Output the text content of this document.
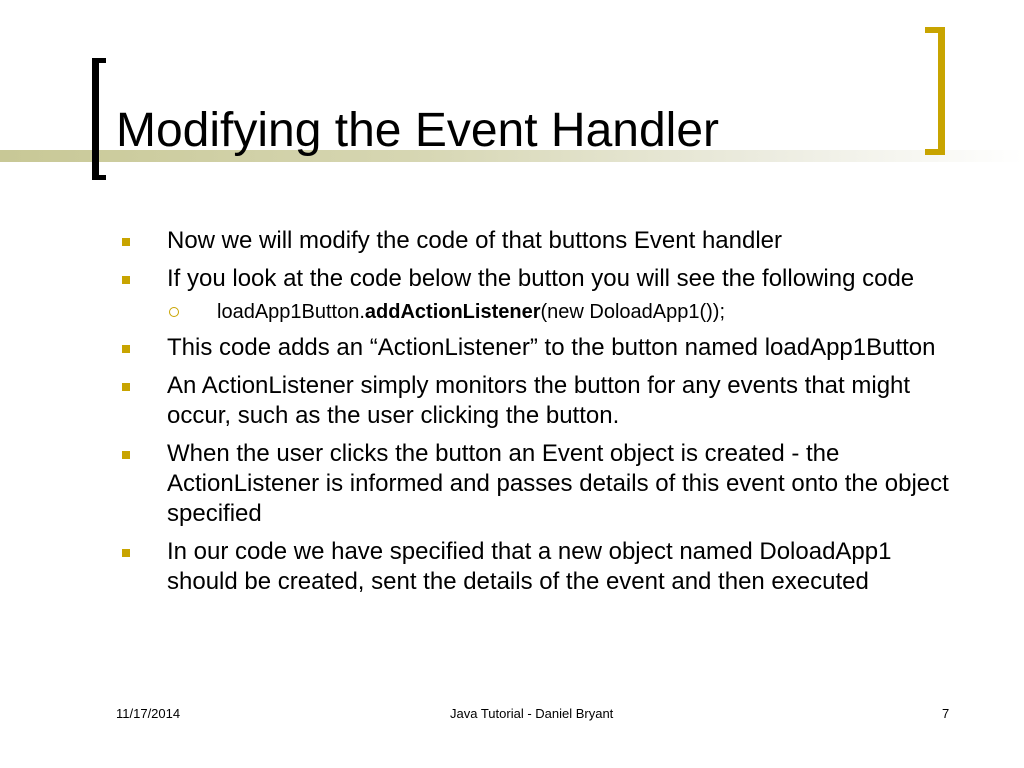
Modifying the Event Handler
Now we will modify the code of that buttons Event handler
If you look at the code below the button you will see the following code
loadApp1Button.addActionListener(new DoloadApp1());
This code adds an “ActionListener” to the button named loadApp1Button
An ActionListener simply monitors the button for any events that might occur, such as the user clicking the button.
When the user clicks the button an Event object is created - the ActionListener is informed and passes details of this event onto the object specified
In our code we have specified that a new object named DoloadApp1 should be created, sent the details of the event and then executed
11/17/2014	Java Tutorial - Daniel Bryant	7
